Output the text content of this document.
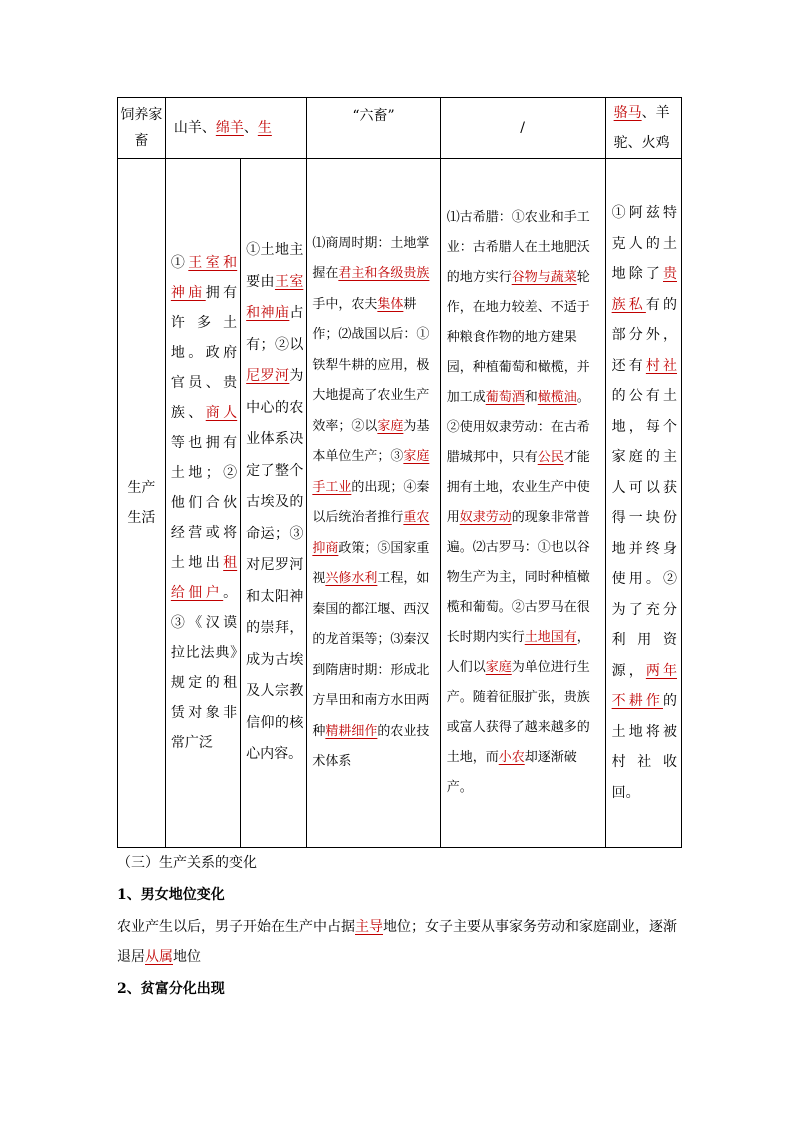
饲养家畜	山羊、绵羊、生		“六畜”	/	骆马、羊驼、火鸡

生产生活	①王室和神庙拥有许多土地。政府官员、贵族、商人等也拥有土地；②他们合伙经营或将土地出租给佃户。③《汉谟拉比法典》规定的租赁对象非常广泛	①土地主要由王室和神庙占有；②以尼罗河为中心的农业体系决定了整个古埃及的命运；③对尼罗河和太阳神的崇拜，成为古埃及人宗教信仰的核心内容。	⑴商周时期：土地掌握在君主和各级贵族手中，农夫集体耕作；⑵战国以后：①铁犁牛耕的应用，极大地提高了农业生产效率；②以家庭为基本单位生产；③家庭手工业的出现；④秦以后统治者推行重农抑商政策；⑤国家重视兴修水利工程，如秦国的都江堰、西汉的龙首渠等；⑶秦汉到隋唐时期：形成北方旱田和南方水田两种精耕细作的农业技术体系	⑴古希腊：①农业和手工业：古希腊人在土地肥沃的地方实行谷物与蔬菜轮作，在地力较差、不适于种粮食作物的地方建果园，种植葡萄和橄榄，并加工成葡萄酒和橄榄油。②使用奴隶劳动：在古希腊城邦中，只有公民才能拥有土地，农业生产中使用奴隶劳动的现象非常普遍。⑵古罗马：①也以谷物生产为主，同时种植橄榄和葡萄。②古罗马在很长时期内实行土地国有，人们以家庭为单位进行生产。随着征服扩张，贵族或富人获得了越来越多的土地，而小农却逐渐破产。	①阿兹特克人的土地除了贵族私有的部分外，还有村社的公有土地，每个家庭的主人可以获得一块份地并终身使用。②为了充分利用资源，两年不耕作的土地将被村社收回。

（三）生产关系的变化

1、男女地位变化

农业产生以后，男子开始在生产中占据主导地位；女子主要从事家务劳动和家庭副业，逐渐退居从属地位

2、贫富分化出现
